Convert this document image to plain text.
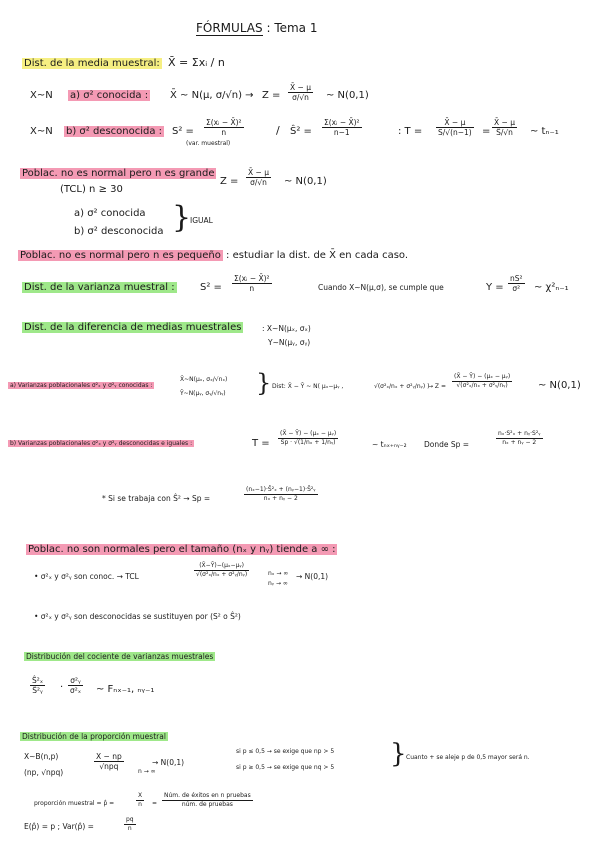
FÓRMULAS : Tema 1
Dist. de la media muestral: X̄ = Σxᵢ / n
X~N a) σ² conocida : X̄ ~ N(μ, $\sigma/√n) \to Z = \frac{X̄ - \mu}{\sigma/√n}$ ~ N(0,1)
X~N b) σ² desconocida : $S^2 = \frac{\text{Σ(xᵢ − X̄)²}}{n}$
(var. muestral)
/ Ŝ² = $\frac{\text{Σ(xᵢ − X̄)²}}{n-1}$	: $T = \frac{X̄ - \mu}{S/√(n-1)} = \frac{X̄ - \mu}{Ŝ/√n}$ ~ tₙ₋₁
Poblac. no es normal pero n es grande
(TCL) n ≥ 30
$Z = \frac{X̄ - \mu}{\sigma/√n}$ ~ N(0,1)
a) σ² conocida
b) σ² desconocida }
IGUAL
Poblac. no es normal pero n es pequeño : estudiar la dist. de X̄ en cada caso.
Dist. de la varianza muestral :	$S^2 = \frac{\text{Σ(xᵢ − X̄)²}}{n}$	Cuando X~N(μ,σ), se cumple que	$Y = \frac{\text{nS²}}{\text{σ²}}$ ~ χ²ₙ₋₁
Dist. de la diferencia de medias muestrales	: X~N(μₓ, σₓ)
Y~N(μᵧ, σᵧ)
a) Varianzas poblacionales σ²ₓ y σ²ᵧ conocidas :
X̄~N(μₓ, σₓ/√nₓ)
Ȳ~N(μᵧ, σᵧ/√nᵧ) } Dist: X̄ − Ȳ ~ N( μₓ−μᵧ ,	√(σ²ₓ/nₓ + σ²ᵧ/nᵧ) )
→ $Z = \frac{\text{(X̄ − Ȳ) − (μₓ − μᵧ)}}{\text{√(σ²ₓ/nₓ + σ²ᵧ/nᵧ)}}$	~ N(0,1)
b) Varianzas poblacionales σ²ₓ y σ²ᵧ desconocidas e iguales :	$T = \frac{\text{(X̄ − Ȳ) − (μₓ − μᵧ)}}{\text{Sp · √(1/nₓ + 1/nᵧ)}}$	~ tₙₓ₊ₙᵧ₋₂ Donde Sp =	$\frac{\text{nₓ·S²ₓ + nᵧ·S²ᵧ}}{\text{nₓ + nᵧ − 2}}$
* Si se trabaja con Ŝ² → Sp =	$\frac{\text{(nₓ−1)·Ŝ²ₓ + (nᵧ−1)·Ŝ²ᵧ}}{\text{nₓ + nᵧ − 2}}$
Poblac. no son normales pero el tamaño (nₓ y nᵧ) tiende a ∞ :
• σ²ₓ y σ²ᵧ son conoc. → TCL	$\frac{\text{(X̄−Ȳ)−(μₓ−μᵧ)}}{\text{√(σ²ₓ/nₓ + σ²ᵧ/nᵧ)}}$	nₓ → ∞
nᵧ → ∞
→ N(0,1)
• σ²ₓ y σ²ᵧ son desconocidas se sustituyen por (S² o Ŝ²)
Distribución del cociente de varianzas muestrales
$\frac{\text{Ŝ²ₓ}}{\text{Ŝ²ᵧ}} \cdot \frac{\text{σ²ᵧ}}{\text{σ²ₓ}}$ ~ Fₙₓ₋₁, ₙᵧ₋₁
Distribución de la proporción muestral
X~B(n,p)
(np, √npq)
X − np
√npq
n → ∞
→ N(0,1)
si p ≤ 0,5 → se exige que np > 5
si p ≥ 0,5 → se exige que nq > 5 } Cuanto + se aleje p de 0,5 mayor será n.
proporción muestral = p̂ =	$\frac{X}{n}$ =
Núm. de éxitos en n pruebas
núm. de pruebas
E(p̂) = p ; Var(p̂) =	$\frac{pq}{n}$
